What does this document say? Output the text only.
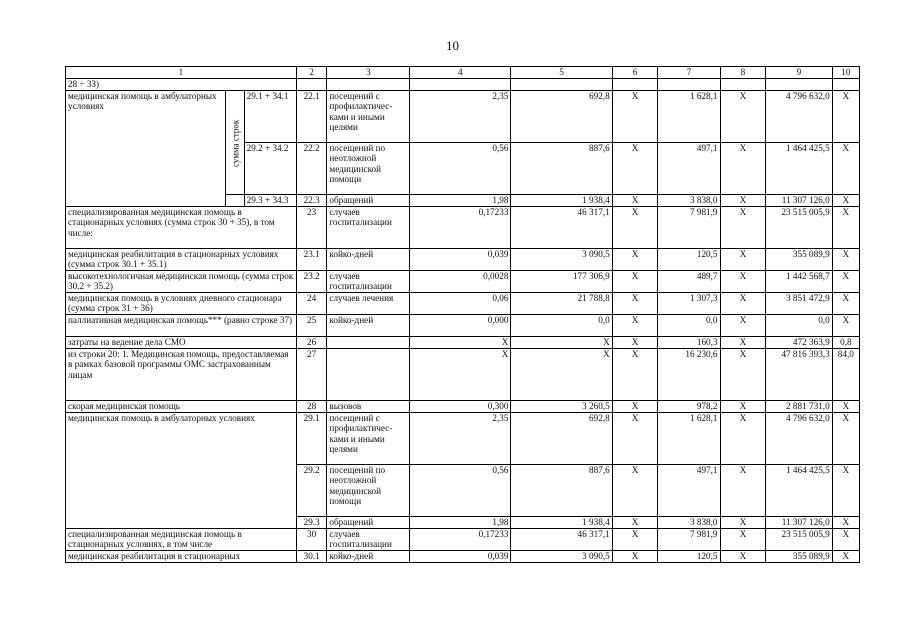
10
1			2	3	4	5	6	7	8	9	10
28 ÷ 33)											
медицинская помощь в амбулаторных условиях	сумма строк	29.1 + 34.1	22.1	посещений с профилактичес-ками и иными целями	2,35	692,8	Х	1 628,1	Х	4 796 632,0	Х
		29.2 + 34.2	22.2	посещений по неотложной медицинской помощи	0,56	887,6	Х	497,1	Х	1 464 425,5	Х
		29.3 + 34.3	22.3	обращений	1,98	1 938,4	Х	3 838,0	Х	11 307 126,0	Х
специализированная медицинская помощь в стационарных условиях (сумма строк 30 + 35), в том числе:			23	случаев госпитализации	0,17233	46 317,1	Х	7 981,9	Х	23 515 005,9	Х
медицинская реабилитация в стационарных условиях (сумма строк 30.1 + 35.1)			23.1	койко-дней	0,039	3 090,5	Х	120,5	Х	355 089,9	Х
высокотехнологичная медицинская помощь (сумма строк 30.2 + 35.2)			23.2	случаев госпитализации	0,0028	177 306,9	Х	489,7	Х	1 442 568,7	Х
медицинская помощь в условиях дневного стационара (сумма строк 31 + 36)			24	случаев лечения	0,06	21 788,8	Х	1 307,3	Х	3 851 472,9	Х
паллиативная медицинская помощь*** (равно строке 37)			25	койко-дней	0,000	0,0	Х	0,0	Х	0,0	Х
затраты на ведение дела СМО			26		Х	Х	Х	160,3	Х	472 363,9	0,8
из строки 20: 1. Медицинская помощь, предоставляемая в рамках базовой программы ОМС застрахованным лицам			27		Х	Х	Х	16 230,6	Х	47 816 393,3	84,0
скорая медицинская помощь			28	вызовов	0,300	3 260,5	Х	978,2	Х	2 881 731,0	Х
медицинская помощь в амбулаторных условиях			29.1	посещений с профилактичес-ками и иными целями	2,35	692,8	Х	1 628,1	Х	4 796 632,0	Х
			29.2	посещений по неотложной медицинской помощи	0,56	887,6	Х	497,1	Х	1 464 425,5	Х
			29.3	обращений	1,98	1 938,4	Х	3 838,0	Х	11 307 126,0	Х
специализированная медицинская помощь в стационарных условиях, в том числе			30	случаев госпитализации	0,17233	46 317,1	Х	7 981,9	Х	23 515 005,9	Х
медицинская реабилитация в стационарных			30.1	койко-дней	0,039	3 090,5	Х	120,5	Х	355 089,9	Х
